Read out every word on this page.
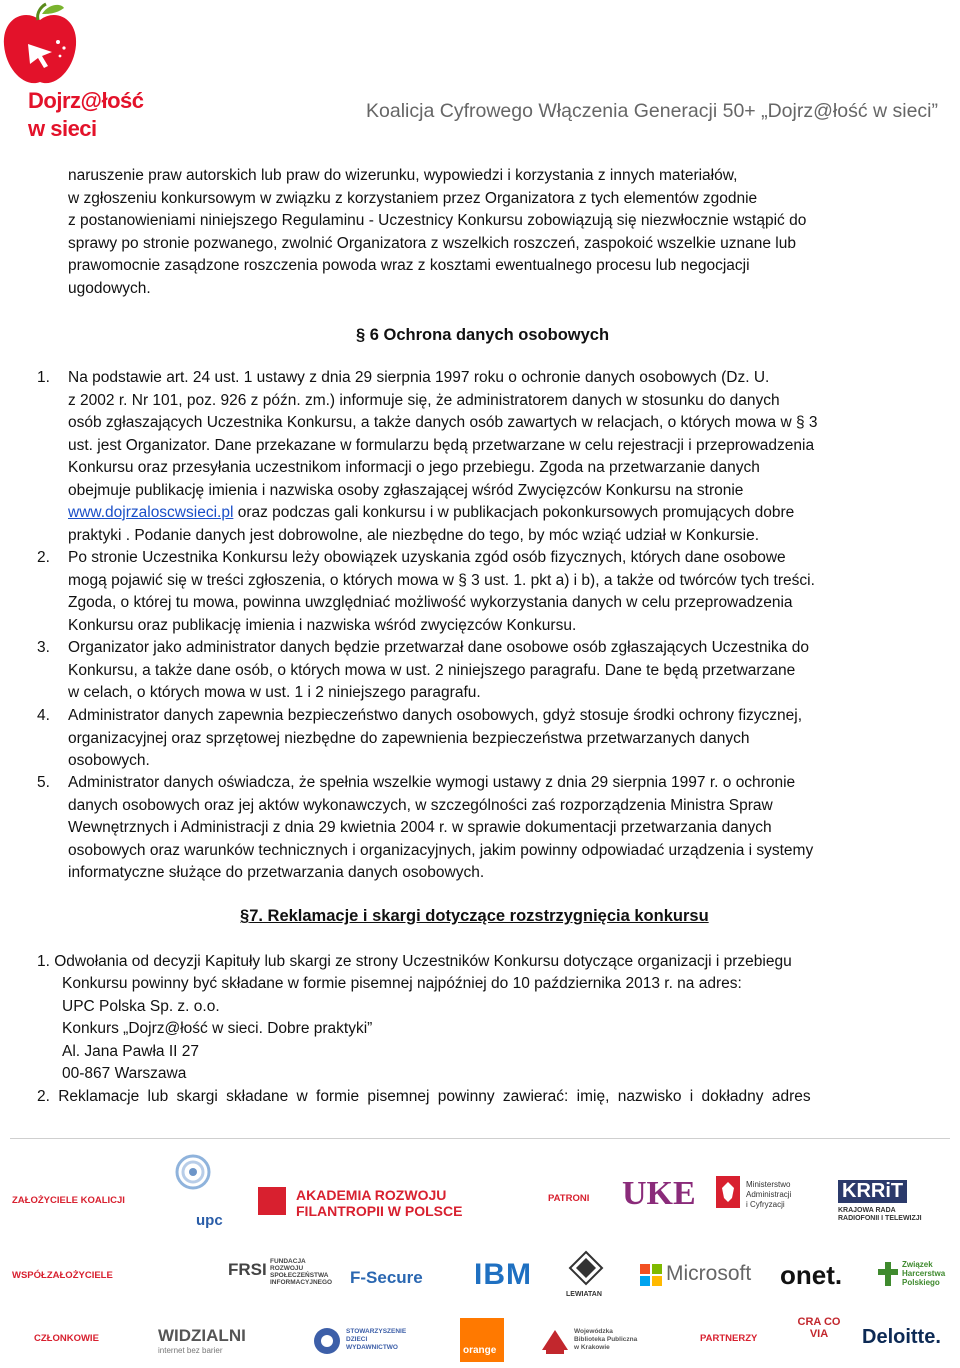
Dojrz@łość
w sieci
Koalicja Cyfrowego Włączenia Generacji 50+ „Dojrz@łość w sieci”
naruszenie praw autorskich lub praw do wizerunku, wypowiedzi i korzystania z innych materiałów,
w zgłoszeniu konkursowym w związku z korzystaniem przez Organizatora z tych elementów zgodnie
z postanowieniami niniejszego Regulaminu - Uczestnicy Konkursu zobowiązują się niezwłocznie wstąpić do
sprawy po stronie pozwanego, zwolnić Organizatora z wszelkich roszczeń, zaspokoić wszelkie uznane lub
prawomocnie zasądzone roszczenia powoda wraz z kosztami ewentualnego procesu lub negocjacji
ugodowych.
§ 6 Ochrona danych osobowych
1. Na podstawie art. 24 ust. 1 ustawy z dnia 29 sierpnia 1997 roku o ochronie danych osobowych (Dz. U.
z 2002 r. Nr 101, poz. 926 z późn. zm.) informuje się, że administratorem danych w stosunku do danych
osób zgłaszających Uczestnika Konkursu, a także danych osób zawartych w relacjach, o których mowa w § 3
ust. jest Organizator. Dane przekazane w formularzu będą przetwarzane w celu rejestracji i przeprowadzenia
Konkursu oraz przesyłania uczestnikom informacji o jego przebiegu. Zgoda na przetwarzanie danych
obejmuje publikację imienia i nazwiska osoby zgłaszającej wśród Zwycięzców Konkursu na stronie
www.dojrzaloscwsieci.pl oraz podczas gali konkursu i w publikacjach pokonkursowych promujących dobre
praktyki . Podanie danych jest dobrowolne, ale niezbędne do tego, by móc wziąć udział w Konkursie.
2. Po stronie Uczestnika Konkursu leży obowiązek uzyskania zgód osób fizycznych, których dane osobowe
mogą pojawić się w treści zgłoszenia, o których mowa w § 3 ust. 1. pkt a) i b), a także od twórców tych treści.
Zgoda, o której tu mowa, powinna uwzględniać możliwość wykorzystania danych w celu przeprowadzenia
Konkursu oraz publikację imienia i nazwiska wśród zwycięzców Konkursu.
3. Organizator jako administrator danych będzie przetwarzał dane osobowe osób zgłaszających Uczestnika do
Konkursu, a także dane osób, o których mowa w ust. 2 niniejszego paragrafu. Dane te będą przetwarzane
w celach, o których mowa w ust. 1 i 2 niniejszego paragrafu.
4. Administrator danych zapewnia bezpieczeństwo danych osobowych, gdyż stosuje środki ochrony fizycznej,
organizacyjnej oraz sprzętowej niezbędne do zapewnienia bezpieczeństwa przetwarzanych danych
osobowych.
5. Administrator danych oświadcza, że spełnia wszelkie wymogi ustawy z dnia 29 sierpnia 1997 r. o ochronie
danych osobowych oraz jej aktów wykonawczych, w szczególności zaś rozporządzenia Ministra Spraw
Wewnętrznych i Administracji z dnia 29 kwietnia 2004 r. w sprawie dokumentacji przetwarzania danych
osobowych oraz warunków technicznych i organizacyjnych, jakim powinny odpowiadać urządzenia i systemy
informatyczne służące do przetwarzania danych osobowych.
§7. Reklamacje i skargi dotyczące rozstrzygnięcia konkursu
1. Odwołania od decyzji Kapituły lub skargi ze strony Uczestników Konkursu dotyczące organizacji i przebiegu
Konkursu powinny być składane w formie pisemnej najpóźniej do 10 października 2013 r. na adres:
UPC Polska Sp. z. o.o.
Konkurs „Dojrz@łość w sieci. Dobre praktyki”
Al. Jana Pawła II 27
00-867 Warszawa
2. Reklamacje lub skargi składane w formie pisemnej powinny zawierać: imię, nazwisko i dokładny adres
ZAŁOŻYCIELE KOALICJI
WSPÓŁZAŁOŻYCIELE
CZŁONKOWIE
PATRONI
PARTNERZY
upc
AKADEMIA ROZWOJU
FILANTROPII W POLSCE	UKE	Ministerstwo
Administracji
i Cyfryzacji
KRRiT
KRAJOWA RADA
RADIOFONII I TELEWIZJI
FRSI FUNDACJA
ROZWOJU
SPOŁECZEŃSTWA
INFORMACYJNEGO F-Secure IBM
LEWIATAN
Microsoft onet.	Związek
Harcerstwa
Polskiego
WIDZIALNI
internet bez barier
STOWARZYSZENIE
DZIECI
WYDAWNICTWO	orange
Wojewódzka
Biblioteka Publiczna
w Krakowie
CRA CO VIA	Deloitte.
